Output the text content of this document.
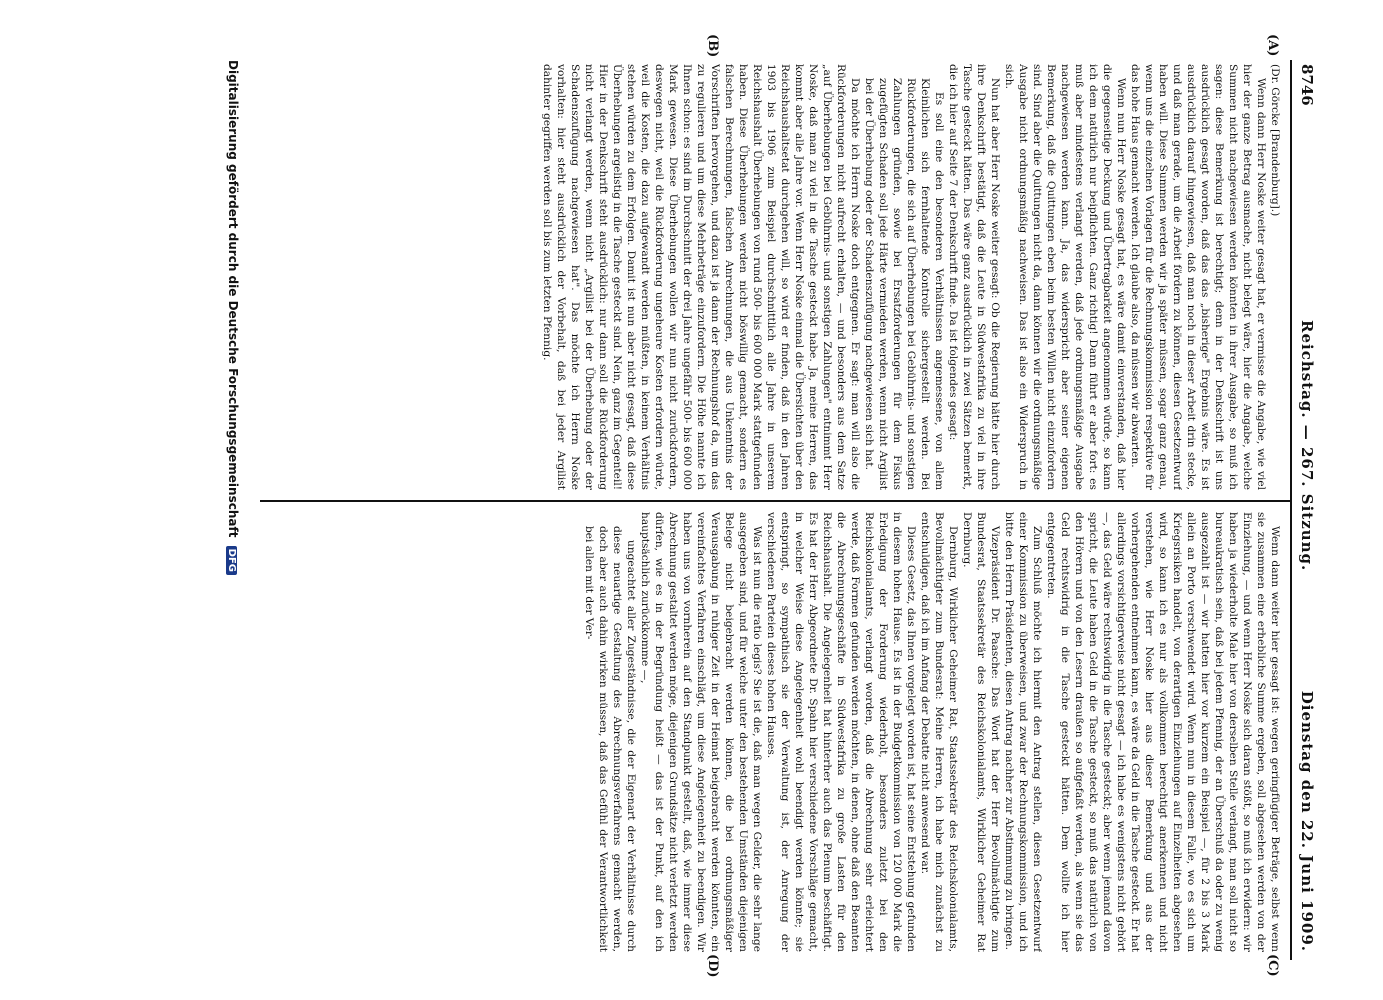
8746
Reichstag. — 267. Sitzung.
Dienstag den 22. Juni 1909.
(A)
(B)
(C)
(D)

(Dr. Görcke [Brandenburg].)

Wenn dann Herr Noske weiter gesagt hat, er vermisse die Angabe, wie viel hier der ganze Betrag ausmache, nicht belegt wäre, hier die Angabe, welche Summen nicht nachgewiesen werden könnten in ihrer Ausgabe, so muß ich sagen: diese Bemerkung ist berechtigt; denn in der Denkschrift ist uns ausdrücklich gesagt worden, daß das das „bisherige" Ergebnis wäre. Es ist ausdrücklich darauf hingewiesen, daß man noch in dieser Arbeit drin stecke, und daß man gerade, um die Arbeit fördern zu können, diesen Gesetzentwurf haben will. Diese Summen werden wir ja später müssen, sogar ganz genau, wenn uns die einzelnen Vorlagen für die Rechnungskommission respektive für das hohe Haus gemacht werden. Ich glaube also, da müssen wir abwarten.

Wenn nun Herr Noske gesagt hat, es wäre damit einverstanden, daß hier die gegenseitige Deckung und Übertragbarkeit angenommen würde, so kann ich dem natürlich nur beipflichten. Ganz richtig! Dann führt er aber fort: es muß aber mindestens verlangt werden, daß jede ordnungsmäßige Ausgabe nachgewiesen werden kann. Ja, das widerspricht aber seiner eigenen Bemerkung, daß die Quittungen eben beim besten Willen nicht einzufordern sind. Sind aber die Quittungen nicht da, dann können wir die ordnungsmäßige Ausgabe nicht ordnungsmäßig nachweisen. Das ist also ein Widerspruch in sich.

Nun hat aber Herr Noske weiter gesagt: Ob die Regierung hätte hier durch ihre Denkschrift bestätigt, daß die Leute in Südwestafrika zu viel in ihre Tasche gesteckt hätten. Das wäre ganz ausdrücklich in zwei Sätzen bemerkt, die ich hier auf Seite 7 der Denkschrift finde. Da ist folgendes gesagt:

Es soll eine den besonderen Verhältnissen angemessene, von allem Kleinlichen sich fernhaltende Kontrolle sichergestellt werden. Bei Rückforderungen, die sich auf Überhebungen bei Gebührnis- und sonstigen Zahlungen gründen, sowie bei Ersatzforderungen für dem Fiskus zugefügten Schaden soll jede Härte vermieden werden, wenn nicht Argilist bei der Überhebung oder der Schadenszufügung nachgewiesen sich hat.

Da möchte ich Herrn Noske doch entgegnen. Er sagt: man will also die Rückforderungen nicht aufrecht erhalten, — und besonders aus dem Satze „auf Überhebungen bei Gebührnis- und sonstigen Zahlungen" entnimmt Herr Noske, daß man zu viel in die Tasche gesteckt habe. Ja, meine Herren, das kommt aber alle Jahre vor. Wenn Herr Noske einmal die Übersichten über den Reichshaushaltsetat durchgehen will, so wird er finden, daß in den Jahren 1903 bis 1906 zum Beispiel durchschnittlich alle Jahre in unserem Reichshaushalt Überhebungen von rund 500- bis 600 000 Mark stattgefunden haben. Diese Überhebungen werden nicht böswillig gemacht, sondern es falschen Berechnungen, falschen Anrechnungen, die aus Unkenntnis der Vorschriften hervorgehen, und dazu ist ja dann der Rechnungshof da, um das zu regulieren und um diese Mehrbeträge einzufordern. Die Höhe nannte ich Ihnen schon: es sind im Durchschnitt der drei Jahre ungefähr 500- bis 600 000 Mark gewesen. Diese Überhebungen wollen wir nun nicht zurückfordern, deswegen nicht, weil die Rückforderung ungeheure Kosten erfordern würde, weil die Kosten, die dazu aufgewandt werden müßten, in keinem Verhältnis stehen würden zu dem Erfolgen. Damit ist nun aber nicht gesagt, daß diese Überhebungen argelistig in die Tasche gesteckt sind. Nein, ganz im Gegenteil! Hier in der Denkschrift steht ausdrücklich: nur dann soll die Rückforderung nicht verlangt werden, wenn nicht „Argilist bei der Überhebung oder der Schadenszufügung nachgewiesen hat". Das möchte ich Herrn Noske vorhalten: hier steht ausdrücklich der Vorbehalt, daß bei jeder Argilist dahinter gegriffen werden soll bis zum letzten Pfennig.

Wenn dann weiter hier gesagt ist: wegen geringfügiger Beträge, selbst wenn sie zusammen eine erhebliche Summe ergeben, soll abgesehen werden von der Einziehung, — und wenn Herr Noske sich daran stößt, so muß ich erwidern: wir haben ja wiederholte Male hier von derselben Stelle verlangt, man soll nicht so bureaukratisch sein, daß bei jedem Pfennig, der an Überschuß da oder zu wenig ausgezahlt ist — wir hatten hier vor kurzem ein Beispiel —, für 2 bis 3 Mark allein an Porto verschwendet wird. Wenn nun in diesem Falle, wo es sich um Kriegsrisiken handelt, von derartigen Einziehungen auf Einzelheiten abgesehen wird, so kann ich es nur als vollkommen berechtigt anerkennen und nicht verstehen, wie Herr Noske hier aus dieser Bemerkung und aus der vorhergehenden entnehmen kann, es wäre da Geld in die Tasche gesteckt. Er hat allerdings vorsichtigerweise nicht gesagt — ich habe es wenigstens nicht gehört —, das Geld wäre rechtswidrig in die Tasche gesteckt; aber wenn jemand davon spricht, die Leute haben Geld in die Tasche gesteckt, so muß das natürlich von den Hörern und von den Lesern draußen so aufgefaßt werden, als wenn sie das Geld rechtswidrig in die Tasche gesteckt hätten. Dem wollte ich hier entgegentreten.

Zum Schluß möchte ich hiermit den Antrag stellen, diesen Gesetzentwurf einer Kommission zu überweisen, und zwar der Rechnungskommission, und ich bitte den Herrn Präsidenten, diesen Antrag nachher zur Abstimmung zu bringen.

Vizepräsident Dr. Paasche: Das Wort hat der Herr Bevollmächtigte zum Bundesrat, Staatssekretär des Reichskolonialamts, Wirklicher Geheimer Rat Dernburg.

Dernburg, Wirklicher Geheimer Rat, Staatssekretär des Reichskolonialamts, Bevollmächtigter zum Bundesrat: Meine Herren, ich habe mich zunächst zu entschuldigen, daß ich im Anfang der Debatte nicht anwesend war.

Dieses Gesetz, das Ihnen vorgelegt worden ist, hat seine Entstehung gefunden in diesem hohen Hause. Es ist in der Budgetkommission von 120 000 Mark die Erledigung der Forderung wiederholt, besonders zuletzt bei den Reichskolonialamts, verlangt worden, daß die Abrechnung sehr erleichtert werde, daß Formen gefunden werden möchten, in denen, ohne daß den Beamten die Abrechnungsgeschäfte in Südwestafrika zu große Lasten für den Reichshaushalt. Die Angelegenheit hat hinterher auch das Plenum beschäftigt. Es hat der Herr Abgeordnete Dr. Spahn hier verschiedene Vorschläge gemacht, in welcher Weise diese Angelegenheit wohl beendigt werden könnte; sie entspringt, so sympathisch sie der Verwaltung ist, der Anregung der verschiedenen Parteien dieses hohen Hauses.

Was ist nun die ratio legis? Sie ist die, daß man wegen Gelder, die sehr lange ausgegeben sind, und für welche unter den bestehenden Umständen diejenigen Belege nicht beigebracht werden können, die bei ordnungsmäßiger Verausgabung in ruhiger Zeit in der Heimat beigebracht werden könnten, ein vereinfachtes Verfahren einschlägt, um diese Angelegenheit zu beendigen. Wir haben uns von vornherein auf den Standpunkt gestellt, daß, wie immer diese Abrechnung gestaltet werden möge, diejenigen Grundsätze nicht verletzt werden dürfen, wie es in der Begründung heißt — das ist der Punkt, auf den ich hauptsächlich zurückkomme —,

ungeachtet aller Zugeständnisse, die der Eigenart der Verhältnisse durch diese neuartige Gestaltung des Abrechnungsverfahrens gemacht werden, doch aber auch dahin wirken müssen, daß das Gefühl der Verantwortlichkeit bei allen mit der Ver-

Digitalisierung gefördert durch die Deutsche Forschungsgemeinschaft DFG
